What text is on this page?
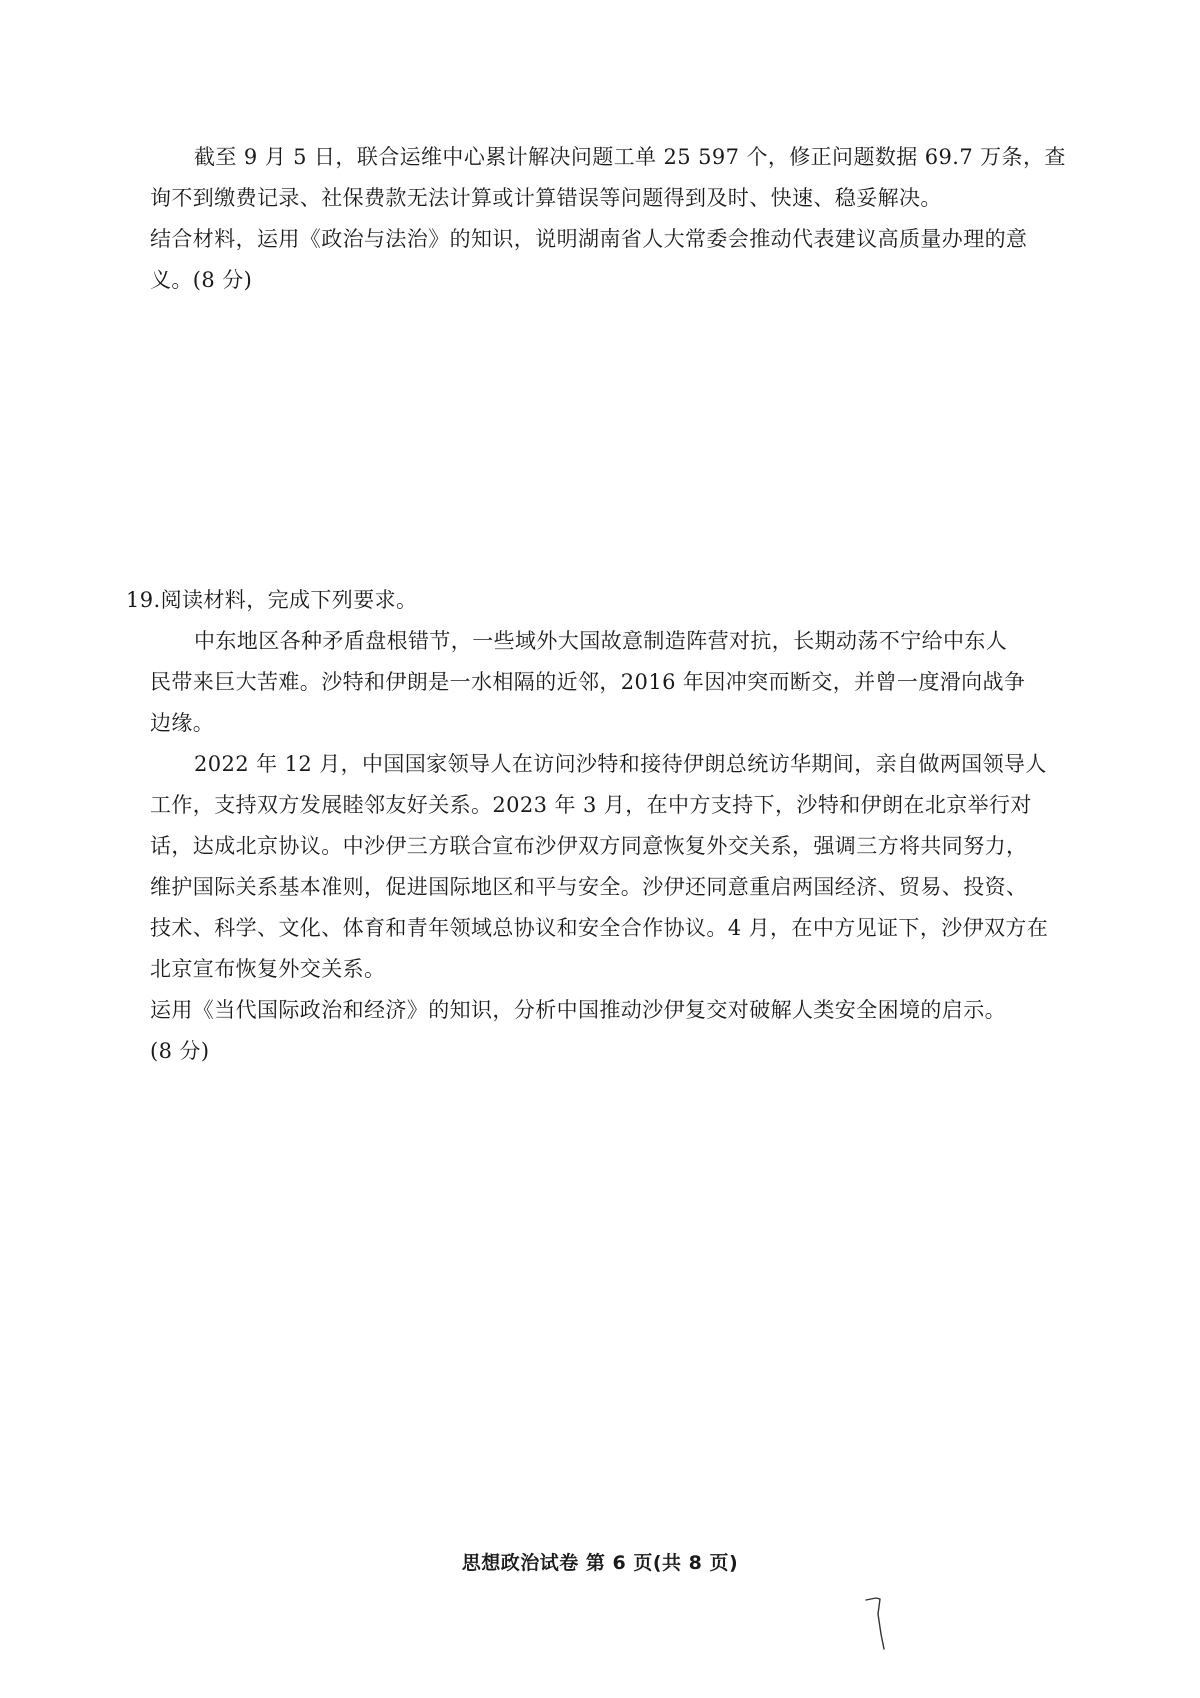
截至 9 月 5 日，联合运维中心累计解决问题工单 25 597 个，修正问题数据 69.7 万条，查
询不到缴费记录、社保费款无法计算或计算错误等问题得到及时、快速、稳妥解决。
结合材料，运用《政治与法治》的知识，说明湖南省人大常委会推动代表建议高质量办理的意
义。(8 分)
19.阅读材料，完成下列要求。
中东地区各种矛盾盘根错节，一些域外大国故意制造阵营对抗，长期动荡不宁给中东人
民带来巨大苦难。沙特和伊朗是一水相隔的近邻，2016 年因冲突而断交，并曾一度滑向战争
边缘。
2022 年 12 月，中国国家领导人在访问沙特和接待伊朗总统访华期间，亲自做两国领导人
工作，支持双方发展睦邻友好关系。2023 年 3 月，在中方支持下，沙特和伊朗在北京举行对
话，达成北京协议。中沙伊三方联合宣布沙伊双方同意恢复外交关系，强调三方将共同努力，
维护国际关系基本准则，促进国际地区和平与安全。沙伊还同意重启两国经济、贸易、投资、
技术、科学、文化、体育和青年领域总协议和安全合作协议。4 月，在中方见证下，沙伊双方在
北京宣布恢复外交关系。
运用《当代国际政治和经济》的知识，分析中国推动沙伊复交对破解人类安全困境的启示。
(8 分)
思想政治试卷 第 6 页(共 8 页)
